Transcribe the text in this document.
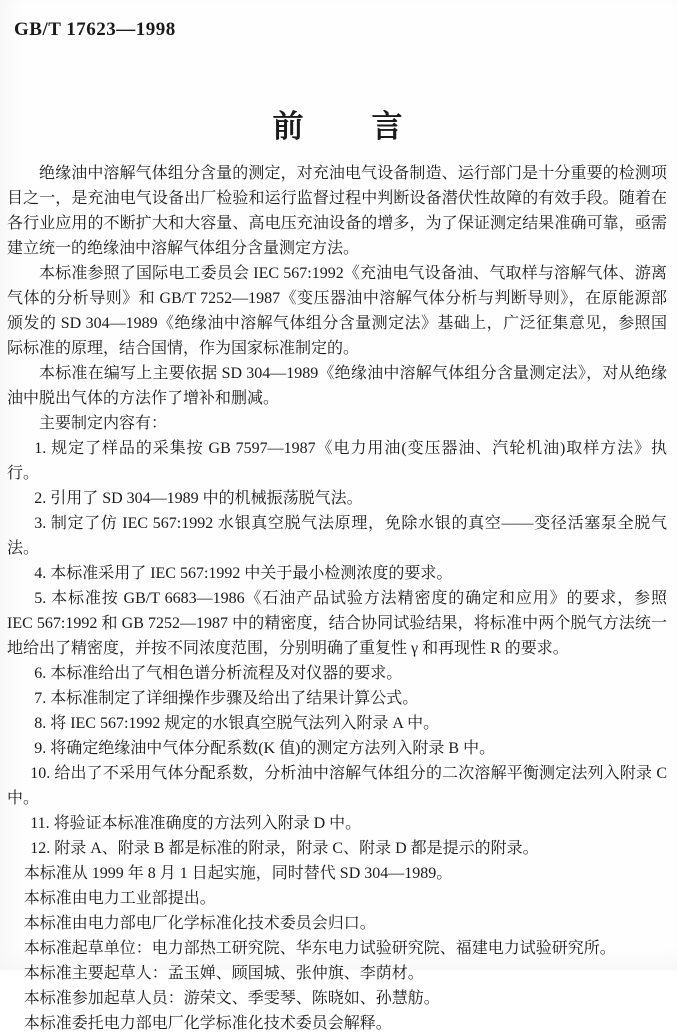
GB/T 17623—1998
前　　言

绝缘油中溶解气体组分含量的测定，对充油电气设备制造、运行部门是十分重要的检测项目之一，是充油电气设备出厂检验和运行监督过程中判断设备潜伏性故障的有效手段。随着在各行业应用的不断扩大和大容量、高电压充油设备的增多，为了保证测定结果准确可靠，亟需建立统一的绝缘油中溶解气体组分含量测定方法。

本标准参照了国际电工委员会 IEC 567:1992《充油电气设备油、气取样与溶解气体、游离气体的分析导则》和 GB/T 7252—1987《变压器油中溶解气体分析与判断导则》，在原能源部颁发的 SD 304—1989《绝缘油中溶解气体组分含量测定法》基础上，广泛征集意见，参照国际标准的原理，结合国情，作为国家标准制定的。

本标准在编写上主要依据 SD 304—1989《绝缘油中溶解气体组分含量测定法》，对从绝缘油中脱出气体的方法作了增补和删减。

主要制定内容有：

1. 规定了样品的采集按 GB 7597—1987《电力用油(变压器油、汽轮机油)取样方法》执行。

2. 引用了 SD 304—1989 中的机械振荡脱气法。

3. 制定了仿 IEC 567:1992 水银真空脱气法原理，免除水银的真空——变径活塞泵全脱气法。

4. 本标准采用了 IEC 567:1992 中关于最小检测浓度的要求。

5. 本标准按 GB/T 6683—1986《石油产品试验方法精密度的确定和应用》的要求，参照 IEC 567:1992 和 GB 7252—1987 中的精密度，结合协同试验结果，将标准中两个脱气方法统一地给出了精密度，并按不同浓度范围，分别明确了重复性 γ 和再现性 R 的要求。

6. 本标准给出了气相色谱分析流程及对仪器的要求。

7. 本标准制定了详细操作步骤及给出了结果计算公式。

8. 将 IEC 567:1992 规定的水银真空脱气法列入附录 A 中。

9. 将确定绝缘油中气体分配系数(K 值)的测定方法列入附录 B 中。

10. 给出了不采用气体分配系数，分析油中溶解气体组分的二次溶解平衡测定法列入附录 C 中。

11. 将验证本标准准确度的方法列入附录 D 中。

12. 附录 A、附录 B 都是标准的附录，附录 C、附录 D 都是提示的附录。

本标准从 1999 年 8 月 1 日起实施，同时替代 SD 304—1989。

本标准由电力工业部提出。

本标准由电力部电厂化学标准化技术委员会归口。

本标准起草单位：电力部热工研究院、华东电力试验研究院、福建电力试验研究所。

本标准主要起草人：孟玉婵、顾国城、张仲旗、李荫材。

本标准参加起草人员：游荣文、季雯琴、陈晓如、孙慧舫。

本标准委托电力部电厂化学标准化技术委员会解释。
